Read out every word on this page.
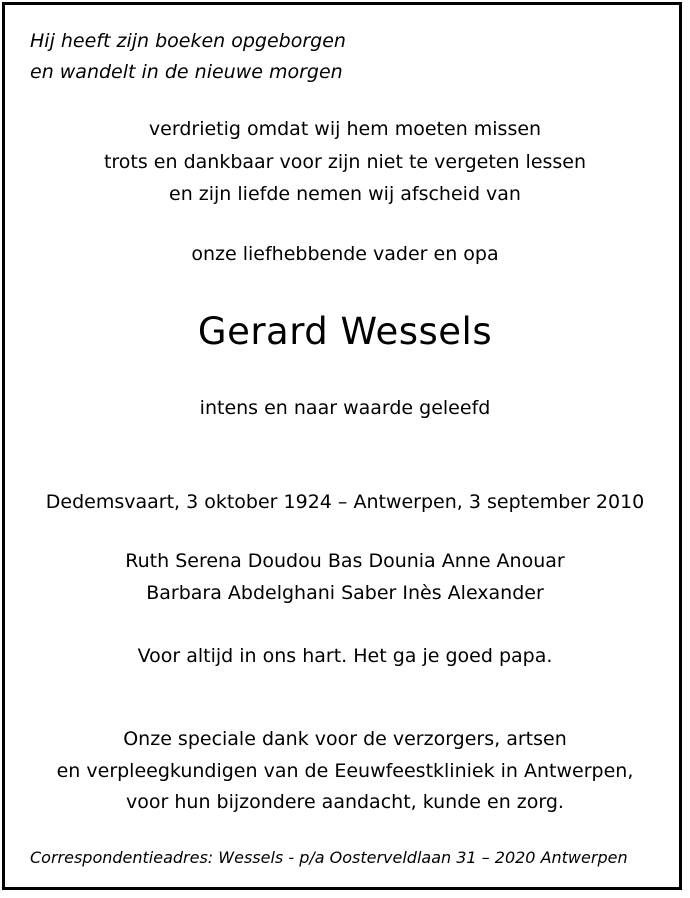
Hij heeft zijn boeken opgeborgen
en wandelt in de nieuwe morgen
verdrietig omdat wij hem moeten missen
trots en dankbaar voor zijn niet te vergeten lessen
en zijn liefde nemen wij afscheid van
onze liefhebbende vader en opa
Gerard Wessels
intens en naar waarde geleefd
Dedemsvaart, 3 oktober 1924 – Antwerpen, 3 september 2010
Ruth Serena Doudou Bas Dounia Anne Anouar
Barbara Abdelghani Saber Inès Alexander
Voor altijd in ons hart. Het ga je goed papa.
Onze speciale dank voor de verzorgers, artsen
en verpleegkundigen van de Eeuwfeestkliniek in Antwerpen,
voor hun bijzondere aandacht, kunde en zorg.
Correspondentieadres: Wessels - p/a Oosterveldlaan 31 – 2020 Antwerpen
